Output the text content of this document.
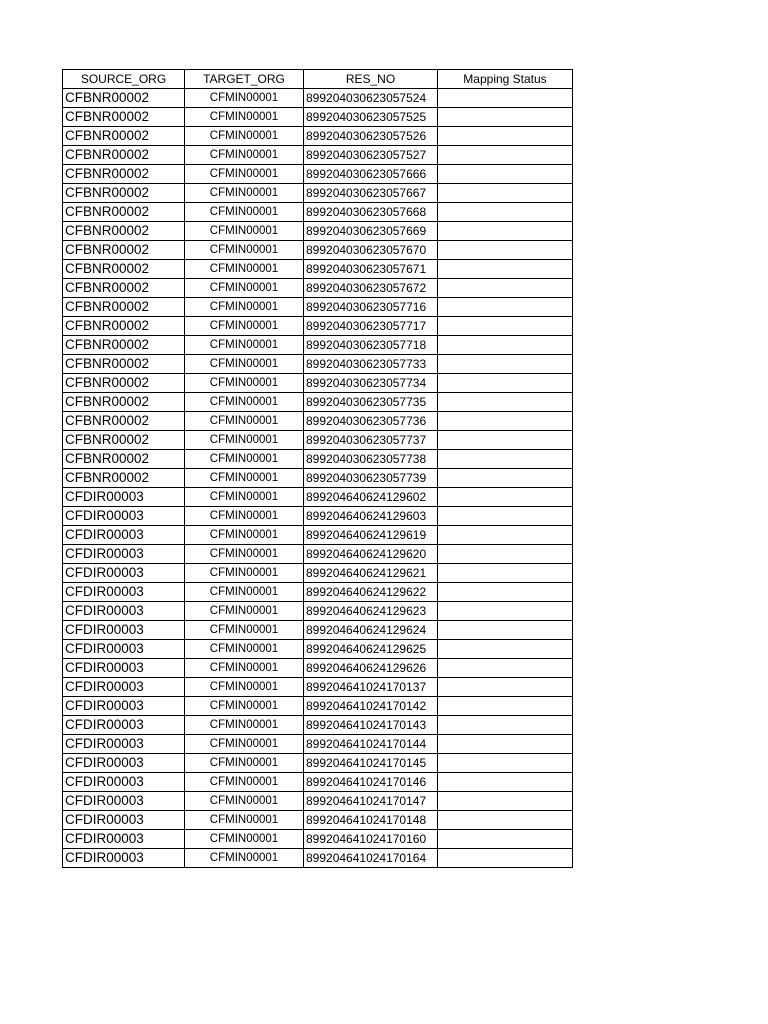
SOURCE_ORG	TARGET_ORG	RES_NO	Mapping Status
CFBNR00002	CFMIN00001	899204030623057524	
CFBNR00002	CFMIN00001	899204030623057525	
CFBNR00002	CFMIN00001	899204030623057526	
CFBNR00002	CFMIN00001	899204030623057527	
CFBNR00002	CFMIN00001	899204030623057666	
CFBNR00002	CFMIN00001	899204030623057667	
CFBNR00002	CFMIN00001	899204030623057668	
CFBNR00002	CFMIN00001	899204030623057669	
CFBNR00002	CFMIN00001	899204030623057670	
CFBNR00002	CFMIN00001	899204030623057671	
CFBNR00002	CFMIN00001	899204030623057672	
CFBNR00002	CFMIN00001	899204030623057716	
CFBNR00002	CFMIN00001	899204030623057717	
CFBNR00002	CFMIN00001	899204030623057718	
CFBNR00002	CFMIN00001	899204030623057733	
CFBNR00002	CFMIN00001	899204030623057734	
CFBNR00002	CFMIN00001	899204030623057735	
CFBNR00002	CFMIN00001	899204030623057736	
CFBNR00002	CFMIN00001	899204030623057737	
CFBNR00002	CFMIN00001	899204030623057738	
CFBNR00002	CFMIN00001	899204030623057739	
CFDIR00003	CFMIN00001	899204640624129602	
CFDIR00003	CFMIN00001	899204640624129603	
CFDIR00003	CFMIN00001	899204640624129619	
CFDIR00003	CFMIN00001	899204640624129620	
CFDIR00003	CFMIN00001	899204640624129621	
CFDIR00003	CFMIN00001	899204640624129622	
CFDIR00003	CFMIN00001	899204640624129623	
CFDIR00003	CFMIN00001	899204640624129624	
CFDIR00003	CFMIN00001	899204640624129625	
CFDIR00003	CFMIN00001	899204640624129626	
CFDIR00003	CFMIN00001	899204641024170137	
CFDIR00003	CFMIN00001	899204641024170142	
CFDIR00003	CFMIN00001	899204641024170143	
CFDIR00003	CFMIN00001	899204641024170144	
CFDIR00003	CFMIN00001	899204641024170145	
CFDIR00003	CFMIN00001	899204641024170146	
CFDIR00003	CFMIN00001	899204641024170147	
CFDIR00003	CFMIN00001	899204641024170148	
CFDIR00003	CFMIN00001	899204641024170160	
CFDIR00003	CFMIN00001	899204641024170164	
